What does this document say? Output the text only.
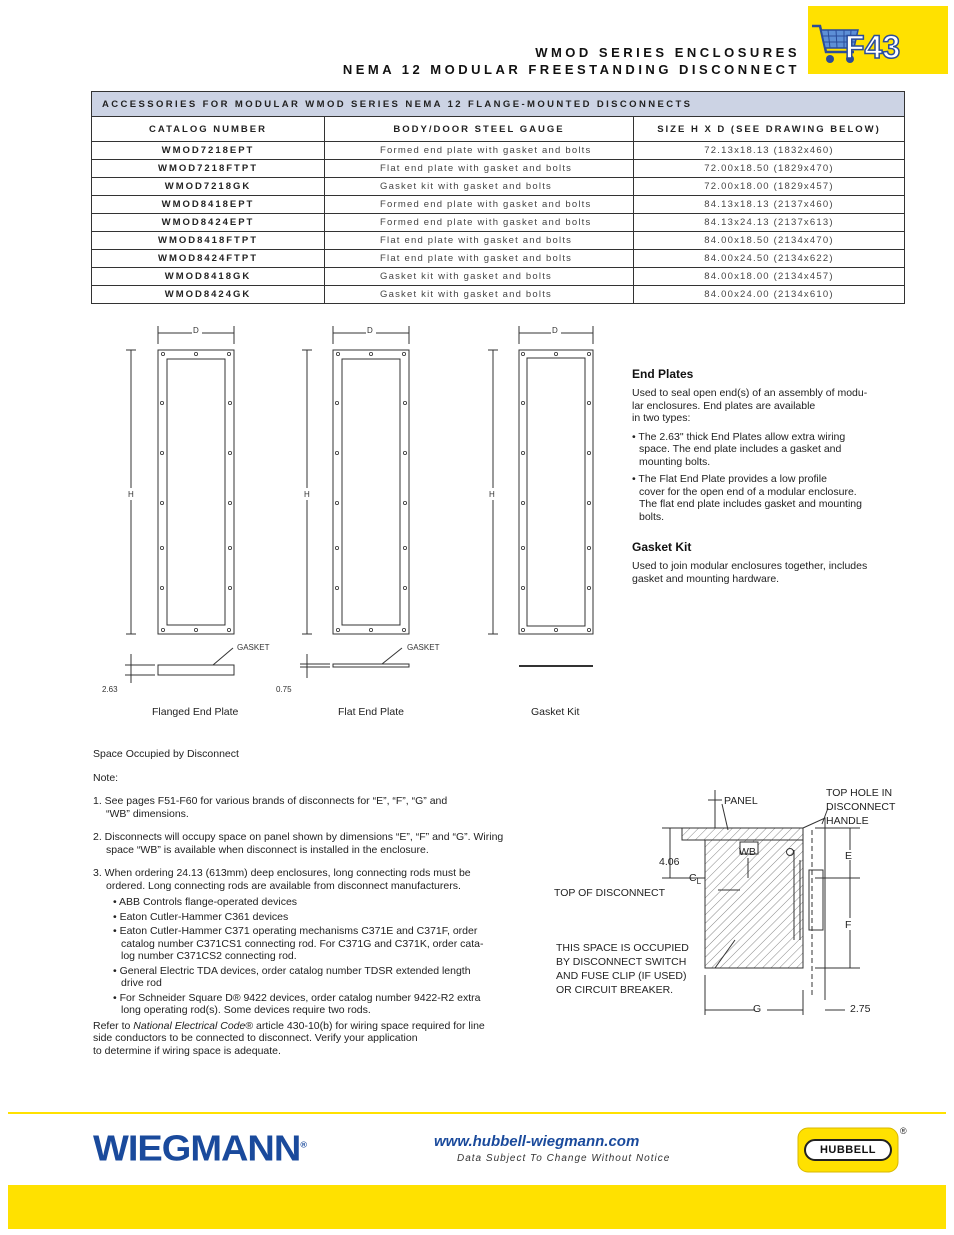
WMOD SERIES ENCLOSURES
NEMA 12 MODULAR FREESTANDING DISCONNECT
F43
ACCESSORIES FOR MODULAR WMOD SERIES NEMA 12 FLANGE-MOUNTED DISCONNECTS		
CATALOG NUMBER	BODY/DOOR STEEL GAUGE	SIZE H X D (SEE DRAWING BELOW)
WMOD7218EPT	Formed end plate with gasket and bolts	72.13x18.13 (1832x460)
WMOD7218FTPT	Flat end plate with gasket and bolts	72.00x18.50 (1829x470)
WMOD7218GK	Gasket kit with gasket and bolts	72.00x18.00 (1829x457)
WMOD8418EPT	Formed end plate with gasket and bolts	84.13x18.13 (2137x460)
WMOD8424EPT	Formed end plate with gasket and bolts	84.13x24.13 (2137x613)
WMOD8418FTPT	Flat end plate with gasket and bolts	84.00x18.50 (2134x470)
WMOD8424FTPT	Flat end plate with gasket and bolts	84.00x24.50 (2134x622)
WMOD8418GK	Gasket kit with gasket and bolts	84.00x18.00 (2134x457)
WMOD8424GK	Gasket kit with gasket and bolts	84.00x24.00 (2134x610)
D	D	D
H	H	H
GASKET	GASKET
2.63	0.75
Flanged End Plate	Flat End Plate	Gasket Kit
End Plates
Used to seal open end(s) of an assembly of modu-
lar enclosures. End plates are available
in two types:
• The 2.63" thick End Plates allow extra wiring
space. The end plate includes a gasket and
mounting bolts.
• The Flat End Plate provides a low profile
cover for the open end of a modular enclosure.
The flat end plate includes gasket and mounting
bolts.
Gasket Kit
Used to join modular enclosures together, includes
gasket and mounting hardware.
Space Occupied by Disconnect
Note:
1. See pages F51-F60 for various brands of disconnects for “E”, “F”, “G” and
“WB” dimensions.
2. Disconnects will occupy space on panel shown by dimensions “E”, “F” and “G”. Wiring
space “WB” is available when disconnect is installed in the enclosure.
3. When ordering 24.13 (613mm) deep enclosures, long connecting rods must be
ordered. Long connecting rods are available from disconnect manufacturers.
• ABB Controls flange-operated devices
• Eaton Cutler-Hammer C361 devices
• Eaton Cutler-Hammer C371 operating mechanisms C371E and C371F, order
catalog number C371CS1 connecting rod. For C371G and C371K, order cata-
log number C371CS2 connecting rod.
• General Electric TDA devices, order catalog number TDSR extended length
drive rod
• For Schneider Square D® 9422 devices, order catalog number 9422-R2 extra
long operating rod(s). Some devices require two rods.
Refer to National Electrical Code® article 430-10(b) for wiring space required for line
side conductors to be connected to disconnect. Verify your application
to determine if wiring space is adequate.
PANEL
TOP HOLE IN
DISCONNECT
HANDLE
4.06
WB
$C_L$
TOP OF DISCONNECT
E
F
THIS SPACE IS OCCUPIED
BY DISCONNECT SWITCH
AND FUSE CLIP (IF USED)
OR CIRCUIT BREAKER.
G	2.75
WIEGMANN®	www.hubbell-wiegmann.com
Data Subject To Change Without Notice
HUBBELL
®
